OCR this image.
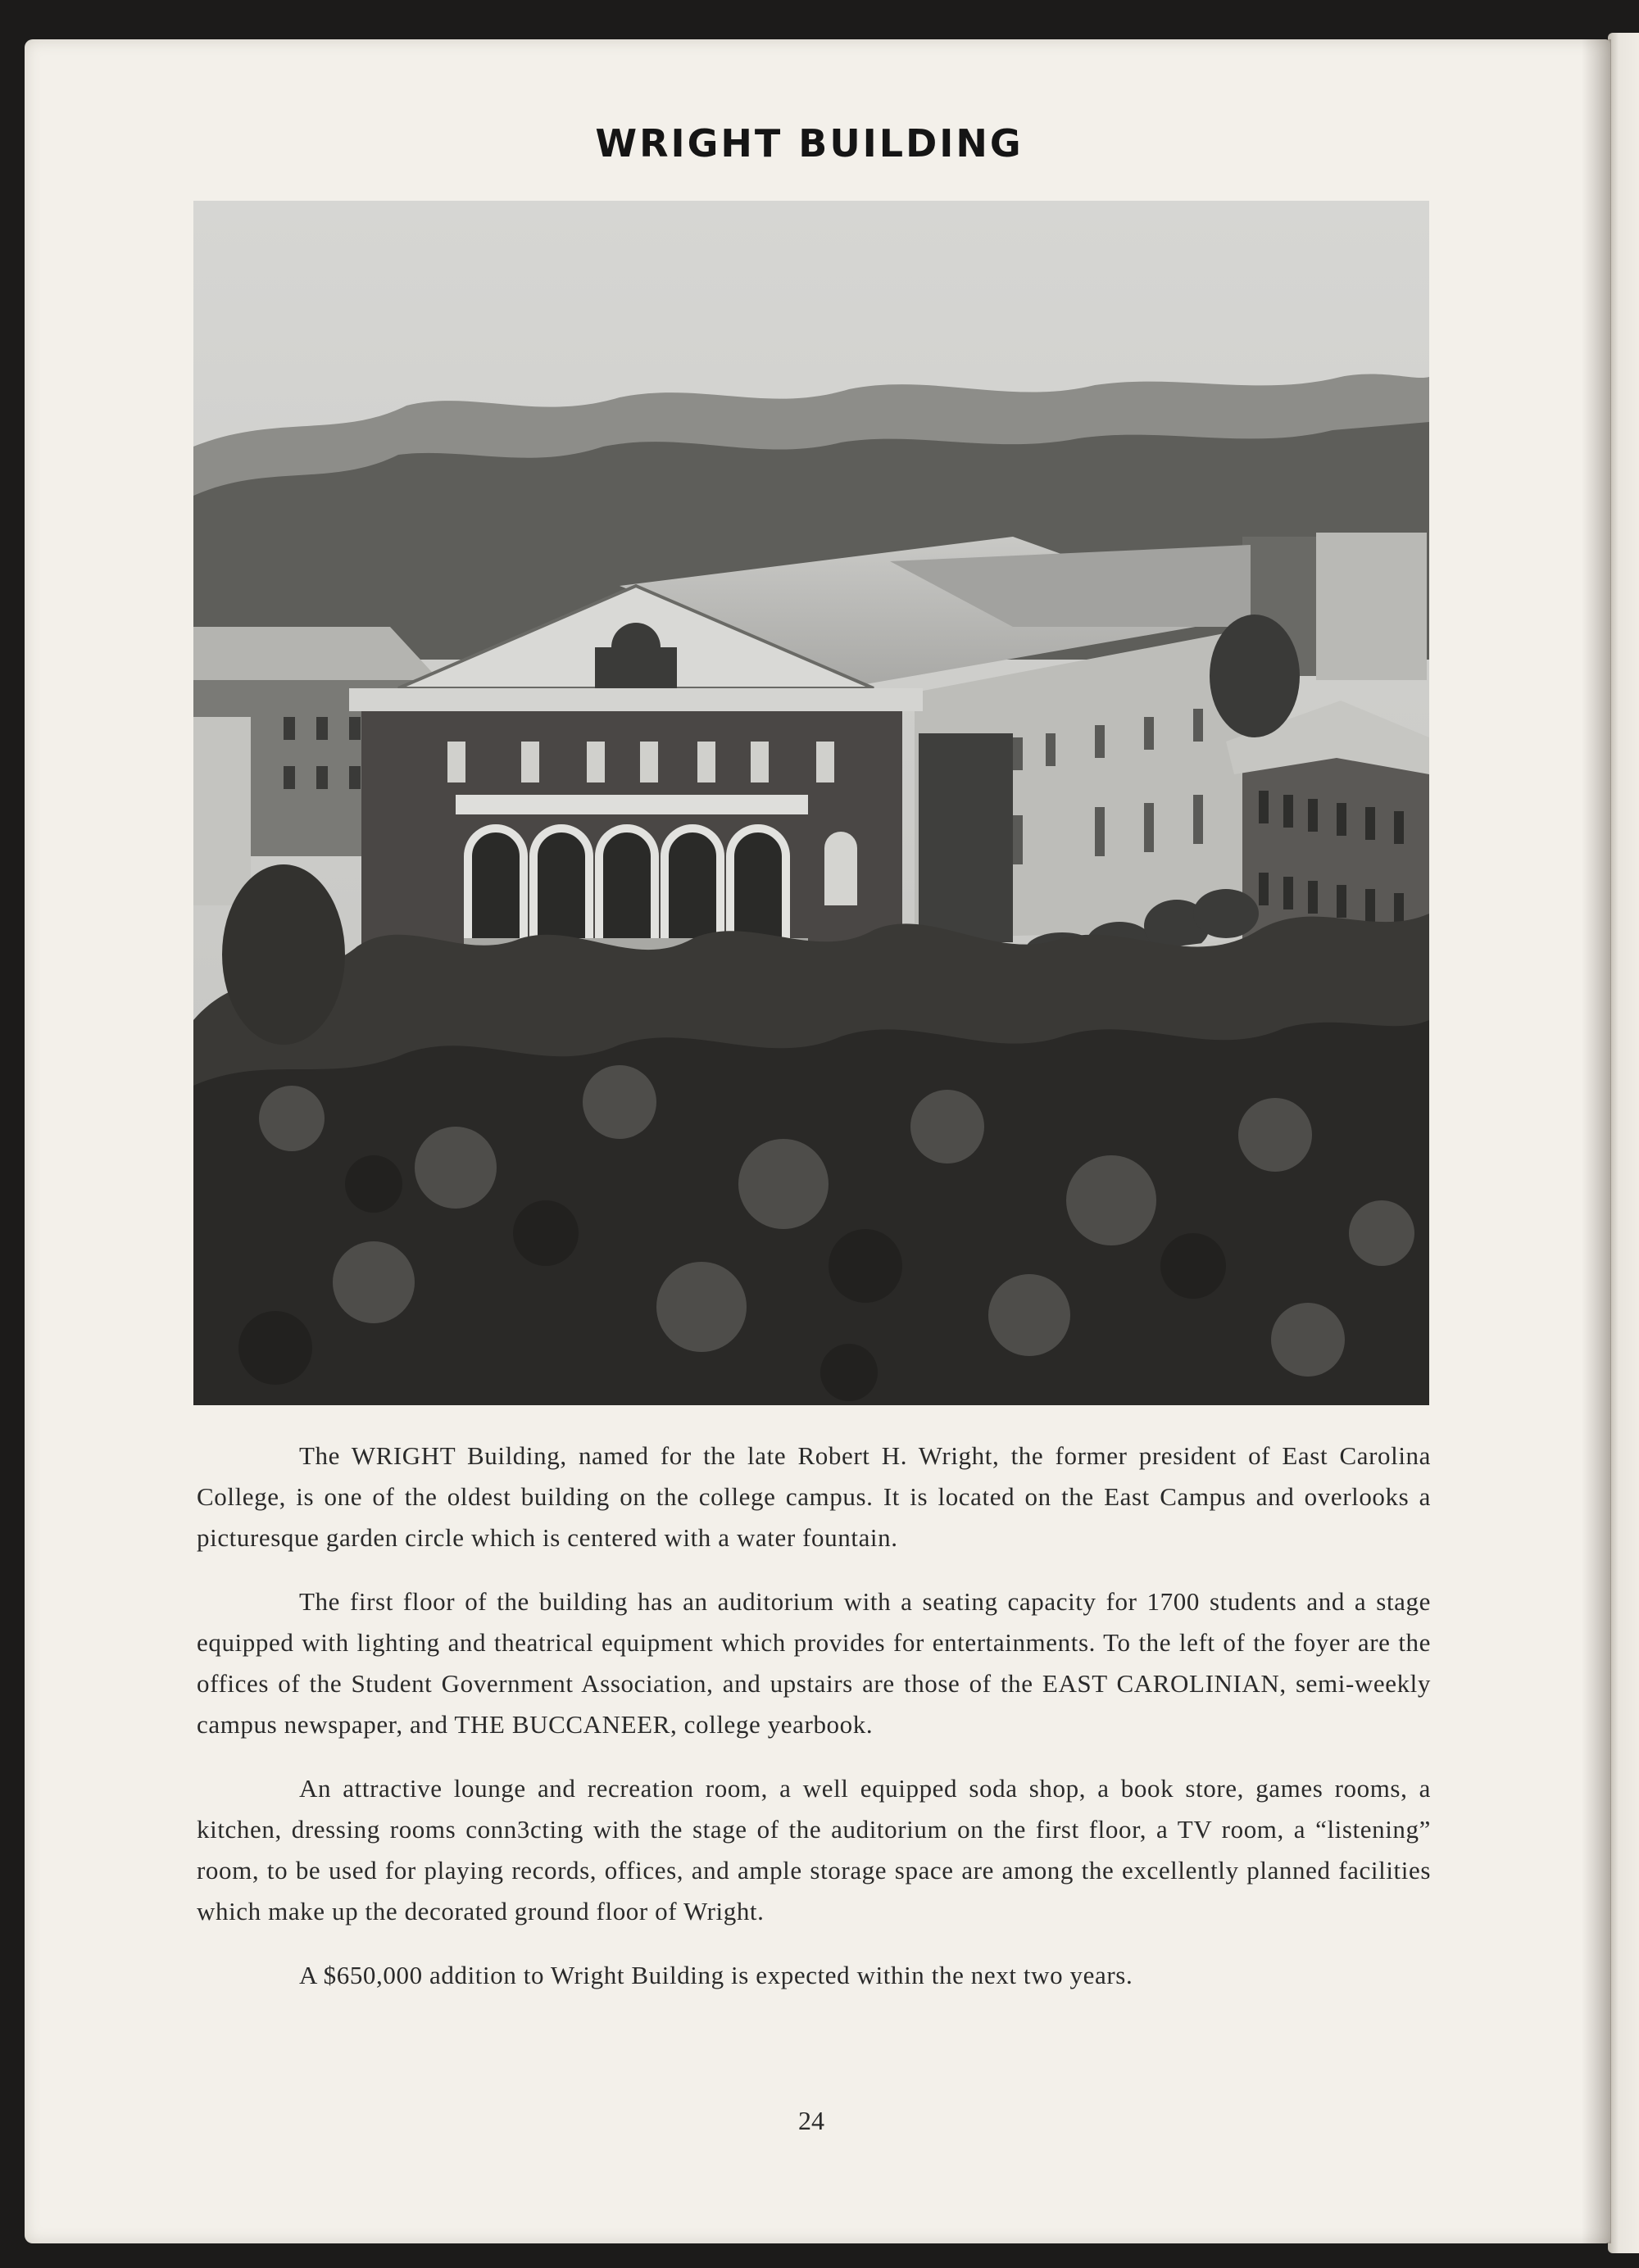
WRIGHT BUILDING

The WRIGHT Building, named for the late Robert H. Wright, the former president of East Carolina College, is one of the oldest building on the college campus. It is located on the East Campus and overlooks a picturesque garden circle which is centered with a water fountain.

The first floor of the building has an auditorium with a seating capacity for 1700 students and a stage equipped with lighting and theatrical equipment which provides for entertainments. To the left of the foyer are the offices of the Student Government Association, and upstairs are those of the EAST CAROLINIAN, semi-weekly campus newspaper, and THE BUCCANEER, college yearbook.

An attractive lounge and recreation room, a well equipped soda shop, a book store, games rooms, a kitchen, dressing rooms conn3cting with the stage of the auditorium on the first floor, a TV room, a “listening” room, to be used for playing records, offices, and ample storage space are among the excellently planned facilities which make up the decorated ground floor of Wright.

A $650,000 addition to Wright Building is expected within the next two years.

24
